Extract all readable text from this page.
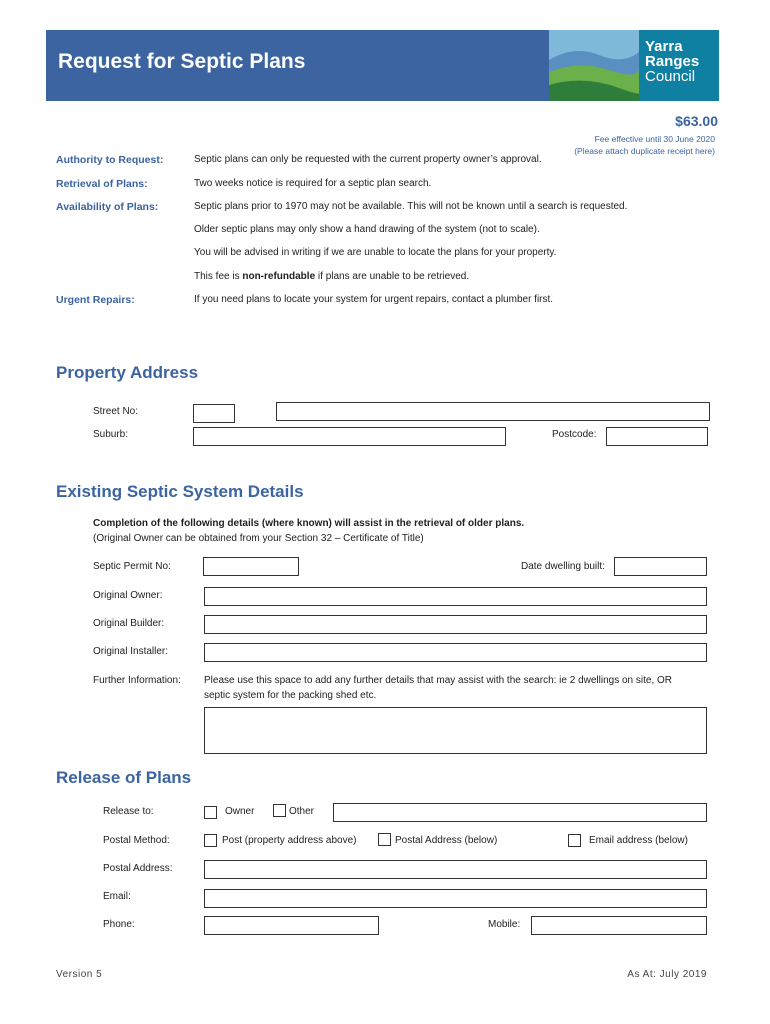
Request for Septic Plans
Yarra
Ranges
Council
$63.00
Fee effective until 30 June 2020
(Please attach duplicate receipt here)
Authority to Request:	Septic plans can only be requested with the current property owner’s approval.
Retrieval of Plans:	Two weeks notice is required for a septic plan search.
Availability of Plans:	Septic plans prior to 1970 may not be available. This will not be known until a search is requested.
Older septic plans may only show a hand drawing of the system (not to scale).
You will be advised in writing if we are unable to locate the plans for your property.
This fee is non-refundable if plans are unable to be retrieved.
Urgent Repairs:	If you need plans to locate your system for urgent repairs, contact a plumber first.
Property Address
Street No:
Suburb:	Postcode:
Existing Septic System Details
Completion of the following details (where known) will assist in the retrieval of older plans.
(Original Owner can be obtained from your Section 32 – Certificate of Title)
Septic Permit No:	Date dwelling built:
Original Owner:
Original Builder:
Original Installer:
Further Information: Please use this space to add any further details that may assist with the search: ie 2 dwellings on site, OR
septic system for the packing shed etc.
Release of Plans
Release to:	Owner	Other
Postal Method:	Post (property address above)	Postal Address (below)	Email address (below)
Postal Address:
Email:
Phone:	Mobile:
Version 5	As At: July 2019
